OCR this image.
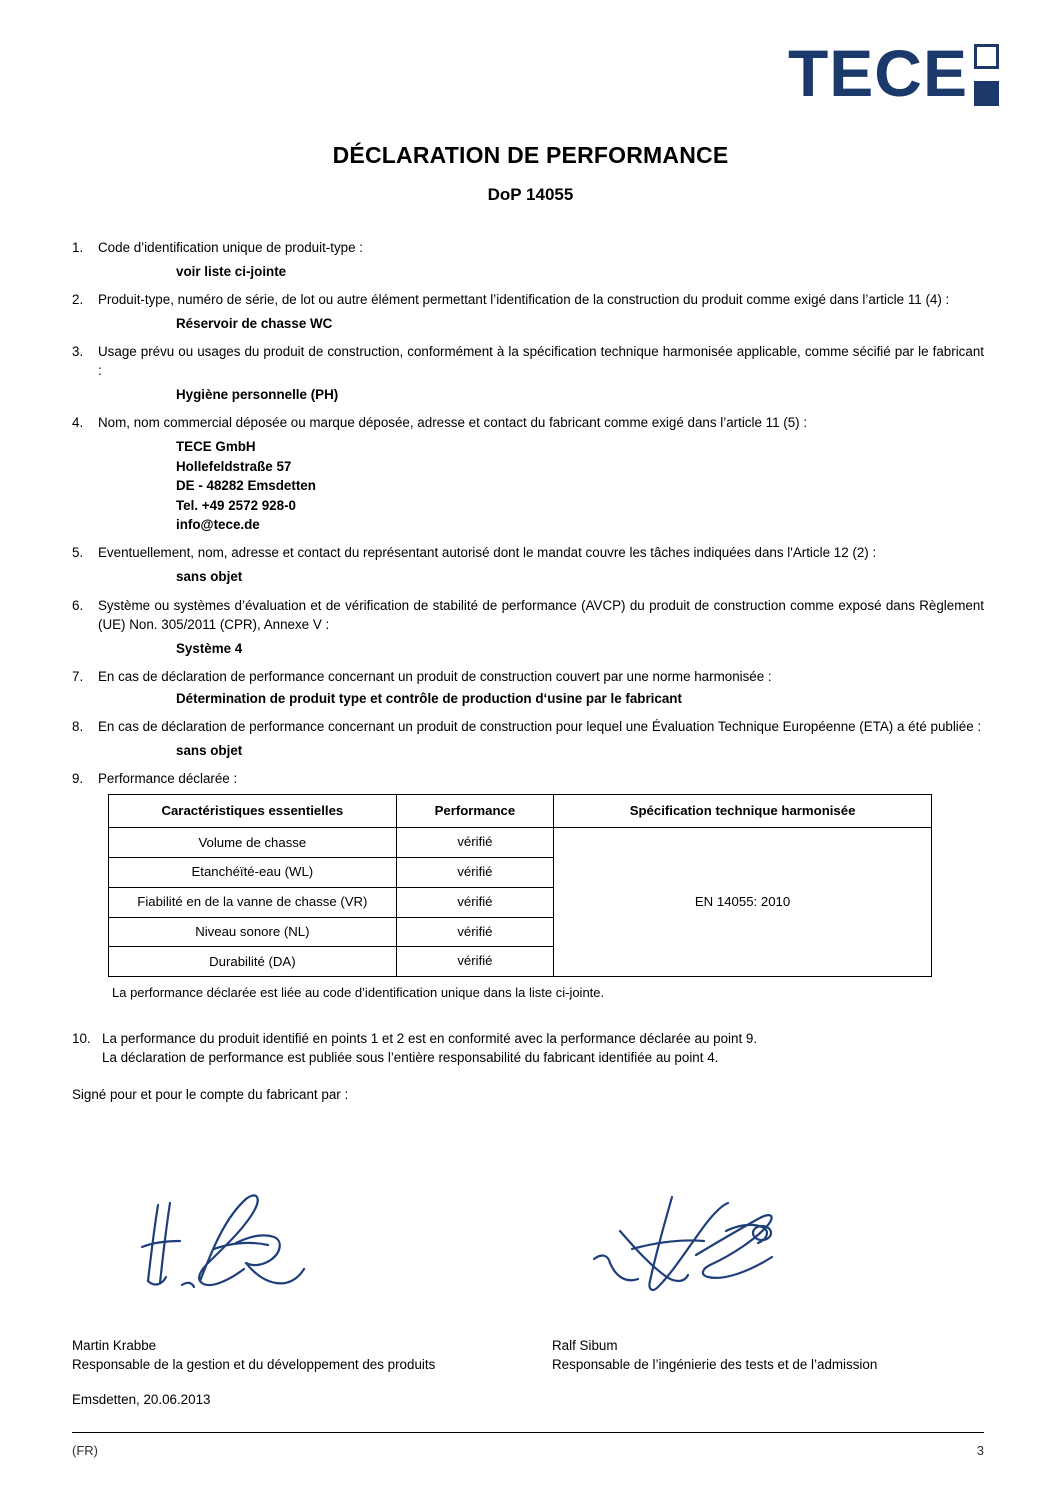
TECE
DÉCLARATION DE PERFORMANCE
DoP 14055
1.	Code d’identification unique de produit-type :
voir liste ci-jointe
2.	Produit-type, numéro de série, de lot ou autre élément permettant l’identification de la construction du produit comme exigé dans l’article 11 (4) :
Réservoir de chasse WC
3.	Usage prévu ou usages du produit de construction, conformément à la spécification technique harmonisée applicable, comme sécifié par le fabricant :
Hygiène personnelle (PH)
4.	Nom, nom commercial déposée ou marque déposée, adresse et contact du fabricant comme exigé dans l’article 11 (5) :
TECE GmbH
Hollefeldstraße 57
DE - 48282 Emsdetten
Tel. +49 2572 928-0
info@tece.de
5.	Eventuellement, nom, adresse et contact du représentant autorisé dont le mandat couvre les tâches indiquées dans l'Article 12 (2) :
sans objet
6.	Système ou systèmes d’évaluation et de vérification de stabilité de performance (AVCP) du produit de construction comme exposé dans Règlement (UE) Non. 305/2011 (CPR), Annexe V :
Système 4
7.	En cas de déclaration de performance concernant un produit de construction couvert par une norme harmonisée :
Détermination de produit type et contrôle de production d‘usine par le fabricant
8.	En cas de déclaration de performance concernant un produit de construction pour lequel une Évaluation Technique Européenne (ETA) a été publiée :
sans objet
9.	Performance déclarée :
Caractéristiques essentielles	Performance	Spécification technique harmonisée
Volume de chasse	vérifié	EN 14055: 2010
Etanchéïté-eau (WL)	vérifié	
Fiabilité en de la vanne de chasse (VR)	vérifié	
Niveau sonore (NL)	vérifié	
Durabilité (DA)	vérifié	
La performance déclarée est liée au code d’identification unique dans la liste ci-jointe.
10. La performance du produit identifié en points 1 et 2 est en conformité avec la performance déclarée au point 9.
La déclaration de performance est publiée sous l’entière responsabilité du fabricant identifiée au point 4.
Signé pour et pour le compte du fabricant par :
Martin Krabbe
Responsable de la gestion et du développement des produits
Ralf Sibum
Responsable de l’ingénierie des tests et de l’admission
Emsdetten, 20.06.2013
(FR)	3
